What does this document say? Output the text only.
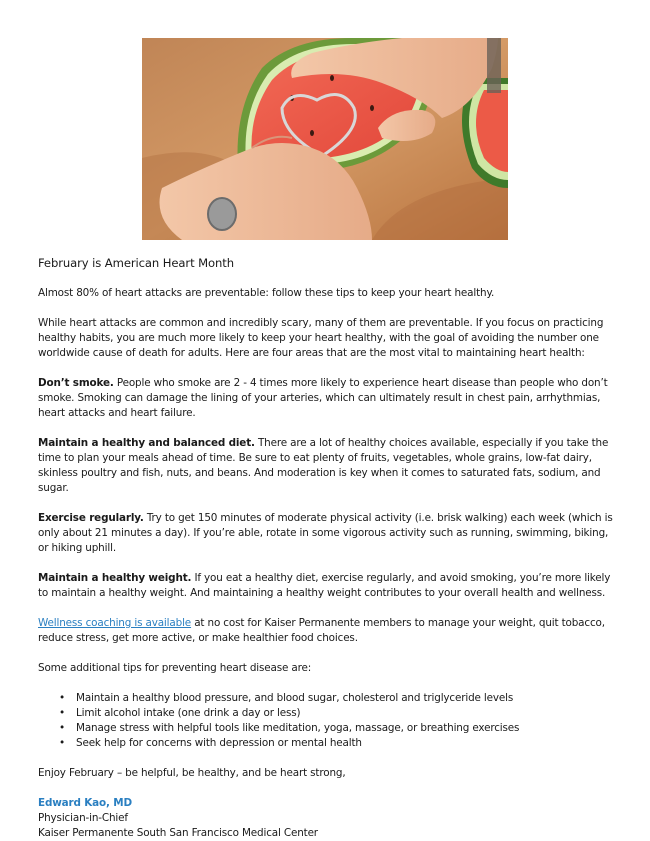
February is American Heart Month

Almost 80% of heart attacks are preventable: follow these tips to keep your heart healthy.

While heart attacks are common and incredibly scary, many of them are preventable. If you focus on practicing healthy habits, you are much more likely to keep your heart healthy, with the goal of avoiding the number one worldwide cause of death for adults. Here are four areas that are the most vital to maintaining heart health:

Don’t smoke. People who smoke are 2 - 4 times more likely to experience heart disease than people who don’t smoke. Smoking can damage the lining of your arteries, which can ultimately result in chest pain, arrhythmias, heart attacks and heart failure.

Maintain a healthy and balanced diet. There are a lot of healthy choices available, especially if you take the time to plan your meals ahead of time. Be sure to eat plenty of fruits, vegetables, whole grains, low-fat dairy, skinless poultry and fish, nuts, and beans. And moderation is key when it comes to saturated fats, sodium, and sugar.

Exercise regularly. Try to get 150 minutes of moderate physical activity (i.e. brisk walking) each week (which is only about 21 minutes a day). If you’re able, rotate in some vigorous activity such as running, swimming, biking, or hiking uphill.

Maintain a healthy weight. If you eat a healthy diet, exercise regularly, and avoid smoking, you’re more likely to maintain a healthy weight. And maintaining a healthy weight contributes to your overall health and wellness.

Wellness coaching is available at no cost for Kaiser Permanente members to manage your weight, quit tobacco, reduce stress, get more active, or make healthier food choices.

Some additional tips for preventing heart disease are:

• Maintain a healthy blood pressure, and blood sugar, cholesterol and triglyceride levels
• Limit alcohol intake (one drink a day or less)
• Manage stress with helpful tools like meditation, yoga, massage, or breathing exercises
• Seek help for concerns with depression or mental health

Enjoy February – be helpful, be healthy, and be heart strong,

Edward Kao, MD

Physician-in-Chief

Kaiser Permanente South San Francisco Medical Center
